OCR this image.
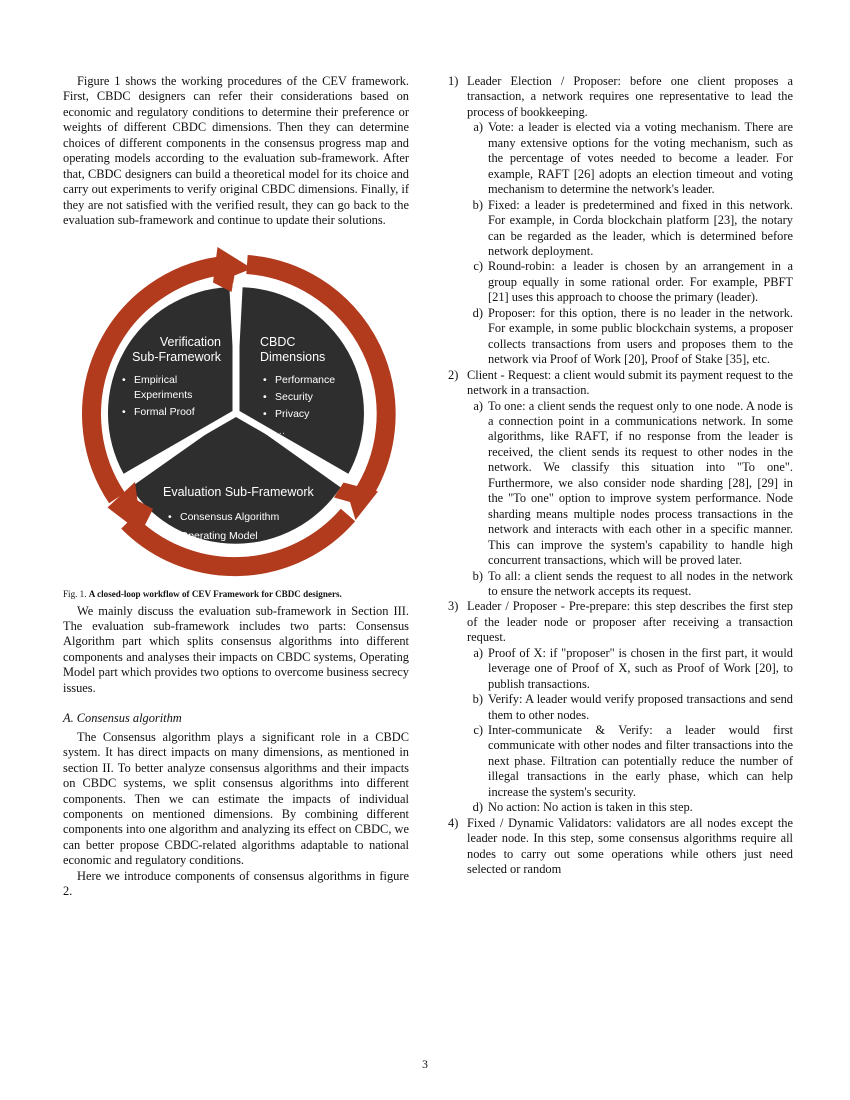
Figure 1 shows the working procedures of the CEV framework. First, CBDC designers can refer their considerations based on economic and regulatory conditions to determine their preference or weights of different CBDC dimensions. Then they can determine choices of different components in the consensus progress map and operating models according to the evaluation sub-framework. After that, CBDC designers can build a theoretical model for its choice and carry out experiments to verify original CBDC dimensions. Finally, if they are not satisfied with the verified result, they can go back to the evaluation sub-framework and continue to update their solutions.

CBDC
Dimensions
• Performance
• Security
• Privacy
• …
Verification
Sub-Framework
• Empirical
Experiments
• Formal Proof
Evaluation Sub-Framework
• Consensus Algorithm
• Operating Model
Fig. 1. A closed-loop workflow of CEV Framework for CBDC designers.

We mainly discuss the evaluation sub-framework in Section III. The evaluation sub-framework includes two parts: Consensus Algorithm part which splits consensus algorithms into different components and analyses their impacts on CBDC systems, Operating Model part which provides two options to overcome business secrecy issues.

A. Consensus algorithm

The Consensus algorithm plays a significant role in a CBDC system. It has direct impacts on many dimensions, as mentioned in section II. To better analyze consensus algorithms and their impacts on CBDC systems, we split consensus algorithms into different components. Then we can estimate the impacts of individual components on mentioned dimensions. By combining different components into one algorithm and analyzing its effect on CBDC, we can better propose CBDC-related algorithms adaptable to national economic and regulatory conditions.

Here we introduce components of consensus algorithms in figure 2.

1) Leader Election / Proposer: before one client proposes a transaction, a network requires one representative to lead the process of bookkeeping.
a) Vote: a leader is elected via a voting mechanism. There are many extensive options for the voting mechanism, such as the percentage of votes needed to become a leader. For example, RAFT [26] adopts an election timeout and voting mechanism to determine the network's leader.
b) Fixed: a leader is predetermined and fixed in this network. For example, in Corda blockchain platform [23], the notary can be regarded as the leader, which is determined before network deployment.
c) Round-robin: a leader is chosen by an arrangement in a group equally in some rational order. For example, PBFT [21] uses this approach to choose the primary (leader).
d) Proposer: for this option, there is no leader in the network. For example, in some public blockchain systems, a proposer collects transactions from users and proposes them to the network via Proof of Work [20], Proof of Stake [35], etc.
2) Client - Request: a client would submit its payment request to the network in a transaction.
a) To one: a client sends the request only to one node. A node is a connection point in a communications network. In some algorithms, like RAFT, if no response from the leader is received, the client sends its request to other nodes in the network. We classify this situation into "To one". Furthermore, we also consider node sharding [28], [29] in the "To one" option to improve system performance. Node sharding means multiple nodes process transactions in the network and interacts with each other in a specific manner. This can improve the system's capability to handle high concurrent transactions, which will be proved later.
b) To all: a client sends the request to all nodes in the network to ensure the network accepts its request.
3) Leader / Proposer - Pre-prepare: this step describes the first step of the leader node or proposer after receiving a transaction request.
a) Proof of X: if "proposer" is chosen in the first part, it would leverage one of Proof of X, such as Proof of Work [20], to publish transactions.
b) Verify: A leader would verify proposed transactions and send them to other nodes.
c) Inter-communicate & Verify: a leader would first communicate with other nodes and filter transactions into the next phase. Filtration can potentially reduce the number of illegal transactions in the early phase, which can help increase the system's security.
d) No action: No action is taken in this step.
4) Fixed / Dynamic Validators: validators are all nodes except the leader node. In this step, some consensus algorithms require all nodes to carry out some operations while others just need selected or random
3
